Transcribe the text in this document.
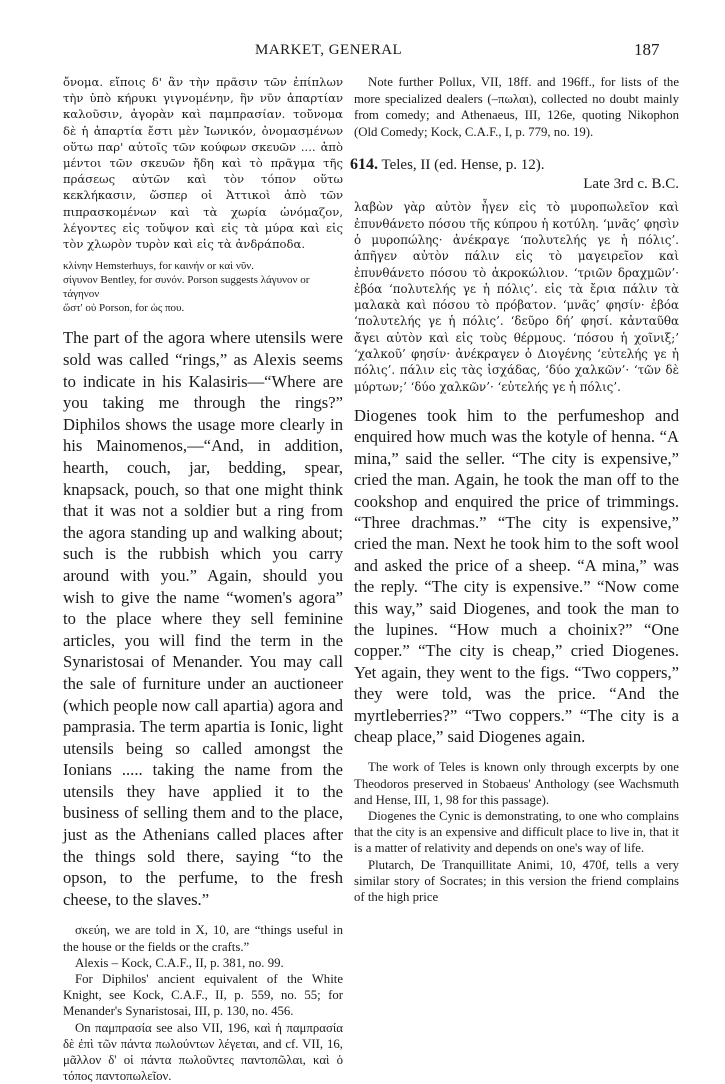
MARKET, GENERAL	187

ὄνομα. εἴποις δ' ἂν τὴν πρᾶσιν τῶν ἐπίπλων τὴν ὑπὸ κήρυκι γιγνομένην, ἣν νῦν ἀπαρτίαν καλοῦσιν, ἀγορὰν καὶ παμπρασίαν. τοὔνομα δὲ ἡ ἀπαρτία ἔστι μὲν Ἰωνικόν, ὀνομασμένων οὕτω παρ' αὐτοῖς τῶν κούφων σκευῶν .... ἀπὸ μέντοι τῶν σκευῶν ἤδη καὶ τὸ πρᾶγμα τῆς πράσεως αὐτῶν καὶ τὸν τόπον οὕτω κεκλήκασιν, ὥσπερ οἱ Ἀττικοὶ ἀπὸ τῶν πιπρασκομένων καὶ τὰ χωρία ὠνόμαζον, λέγοντες εἰς τοὔψον καὶ εἰς τὰ μύρα καὶ εἰς τὸν χλωρὸν τυρὸν καὶ εἰς τὰ ἀνδράποδα.

κλίνην Hemsterhuys, for καινήν or καὶ νῦν.

σίγυνον Bentley, for συνόν. Porson suggests λάγυνον or τάγηνον

ὥστ' οὐ Porson, for ὡς που.

The part of the agora where utensils were sold was called “rings,” as Alexis seems to indicate in his Kalasiris—“Where are you taking me through the rings?” Diphilos shows the usage more clearly in his Mainomenos,—“And, in addition, hearth, couch, jar, bedding, spear, knapsack, pouch, so that one might think that it was not a soldier but a ring from the agora standing up and walking about; such is the rubbish which you carry around with you.” Again, should you wish to give the name “women's agora” to the place where they sell feminine articles, you will find the term in the Synaristosai of Menander. You may call the sale of furniture under an auctioneer (which people now call apartia) agora and pamprasia. The term apartia is Ionic, light utensils being so called amongst the Ionians ..... taking the name from the utensils they have applied it to the business of selling them and to the place, just as the Athenians called places after the things sold there, saying “to the opson, to the perfume, to the fresh cheese, to the slaves.”

σκεύη, we are told in X, 10, are “things useful in the house or the fields or the crafts.”

Alexis – Kock, C.A.F., II, p. 381, no. 99.

For Diphilos' ancient equivalent of the White Knight, see Kock, C.A.F., II, p. 559, no. 55; for Menander's Synaristosai, III, p. 130, no. 456.

On παμπρασία see also VII, 196, καὶ ἡ παμπρασία δὲ ἐπὶ τῶν πάντα πωλούντων λέγεται, and cf. VII, 16, μᾶλλον δ' οἱ πάντα πωλοῦντες παντοπῶλαι, καὶ ὁ τόπος παντοπωλεῖον.

Note further Pollux, VII, 18ff. and 196ff., for lists of the more specialized dealers (–πωλαι), collected no doubt mainly from comedy; and Athenaeus, III, 126e, quoting Nikophon (Old Comedy; Kock, C.A.F., I, p. 779, no. 19).

614. Teles, II (ed. Hense, p. 12).
Late 3rd c. B.C.

λαβὼν γὰρ αὐτὸν ἦγεν εἰς τὸ μυροπωλεῖον καὶ ἐπυνθάνετο πόσου τῆς κύπρου ἡ κοτύλη. ‘μνᾶς’ φησὶν ὁ μυροπώλης· ἀνέκραγε ‘πολυτελής γε ἡ πόλις’. ἀπῆγεν αὐτὸν πάλιν εἰς τὸ μαγειρεῖον καὶ ἐπυνθάνετο πόσου τὸ ἀκροκώλιον. ‘τριῶν δραχμῶν’· ἐβόα ‘πολυτελής γε ἡ πόλις’. εἰς τὰ ἔρια πάλιν τὰ μαλακὰ καὶ πόσου τὸ πρόβατον. ‘μνᾶς’ φησίν· ἐβόα ‘πολυτελής γε ἡ πόλις’. ‘δεῦρο δή’ φησί. κἀνταῦθα ἄγει αὐτὸν καὶ εἰς τοὺς θέρμους. ‘πόσου ἡ χοῖνιξ;’ ‘χαλκοῦ’ φησίν· ἀνέκραγεν ὁ Διογένης ‘εὐτελής γε ἡ πόλις’. πάλιν εἰς τὰς ἰσχάδας, ‘δύο χαλκῶν’· ‘τῶν δὲ μύρτων;’ ‘δύο χαλκῶν’· ‘εὐτελής γε ἡ πόλις’.

Diogenes took him to the perfumeshop and enquired how much was the kotyle of henna. “A mina,” said the seller. “The city is expensive,” cried the man. Again, he took the man off to the cookshop and enquired the price of trimmings. “Three drachmas.” “The city is expensive,” cried the man. Next he took him to the soft wool and asked the price of a sheep. “A mina,” was the reply. “The city is expensive.” “Now come this way,” said Diogenes, and took the man to the lupines. “How much a choinix?” “One copper.” “The city is cheap,” cried Diogenes. Yet again, they went to the figs. “Two coppers,” they were told, was the price. “And the myrtleberries?” “Two coppers.” “The city is a cheap place,” said Diogenes again.

The work of Teles is known only through excerpts by one Theodoros preserved in Stobaeus' Anthology (see Wachsmuth and Hense, III, 1, 98 for this passage).

Diogenes the Cynic is demonstrating, to one who complains that the city is an expensive and difficult place to live in, that it is a matter of relativity and depends on one's way of life.

Plutarch, De Tranquillitate Animi, 10, 470f, tells a very similar story of Socrates; in this version the friend complains of the high price
